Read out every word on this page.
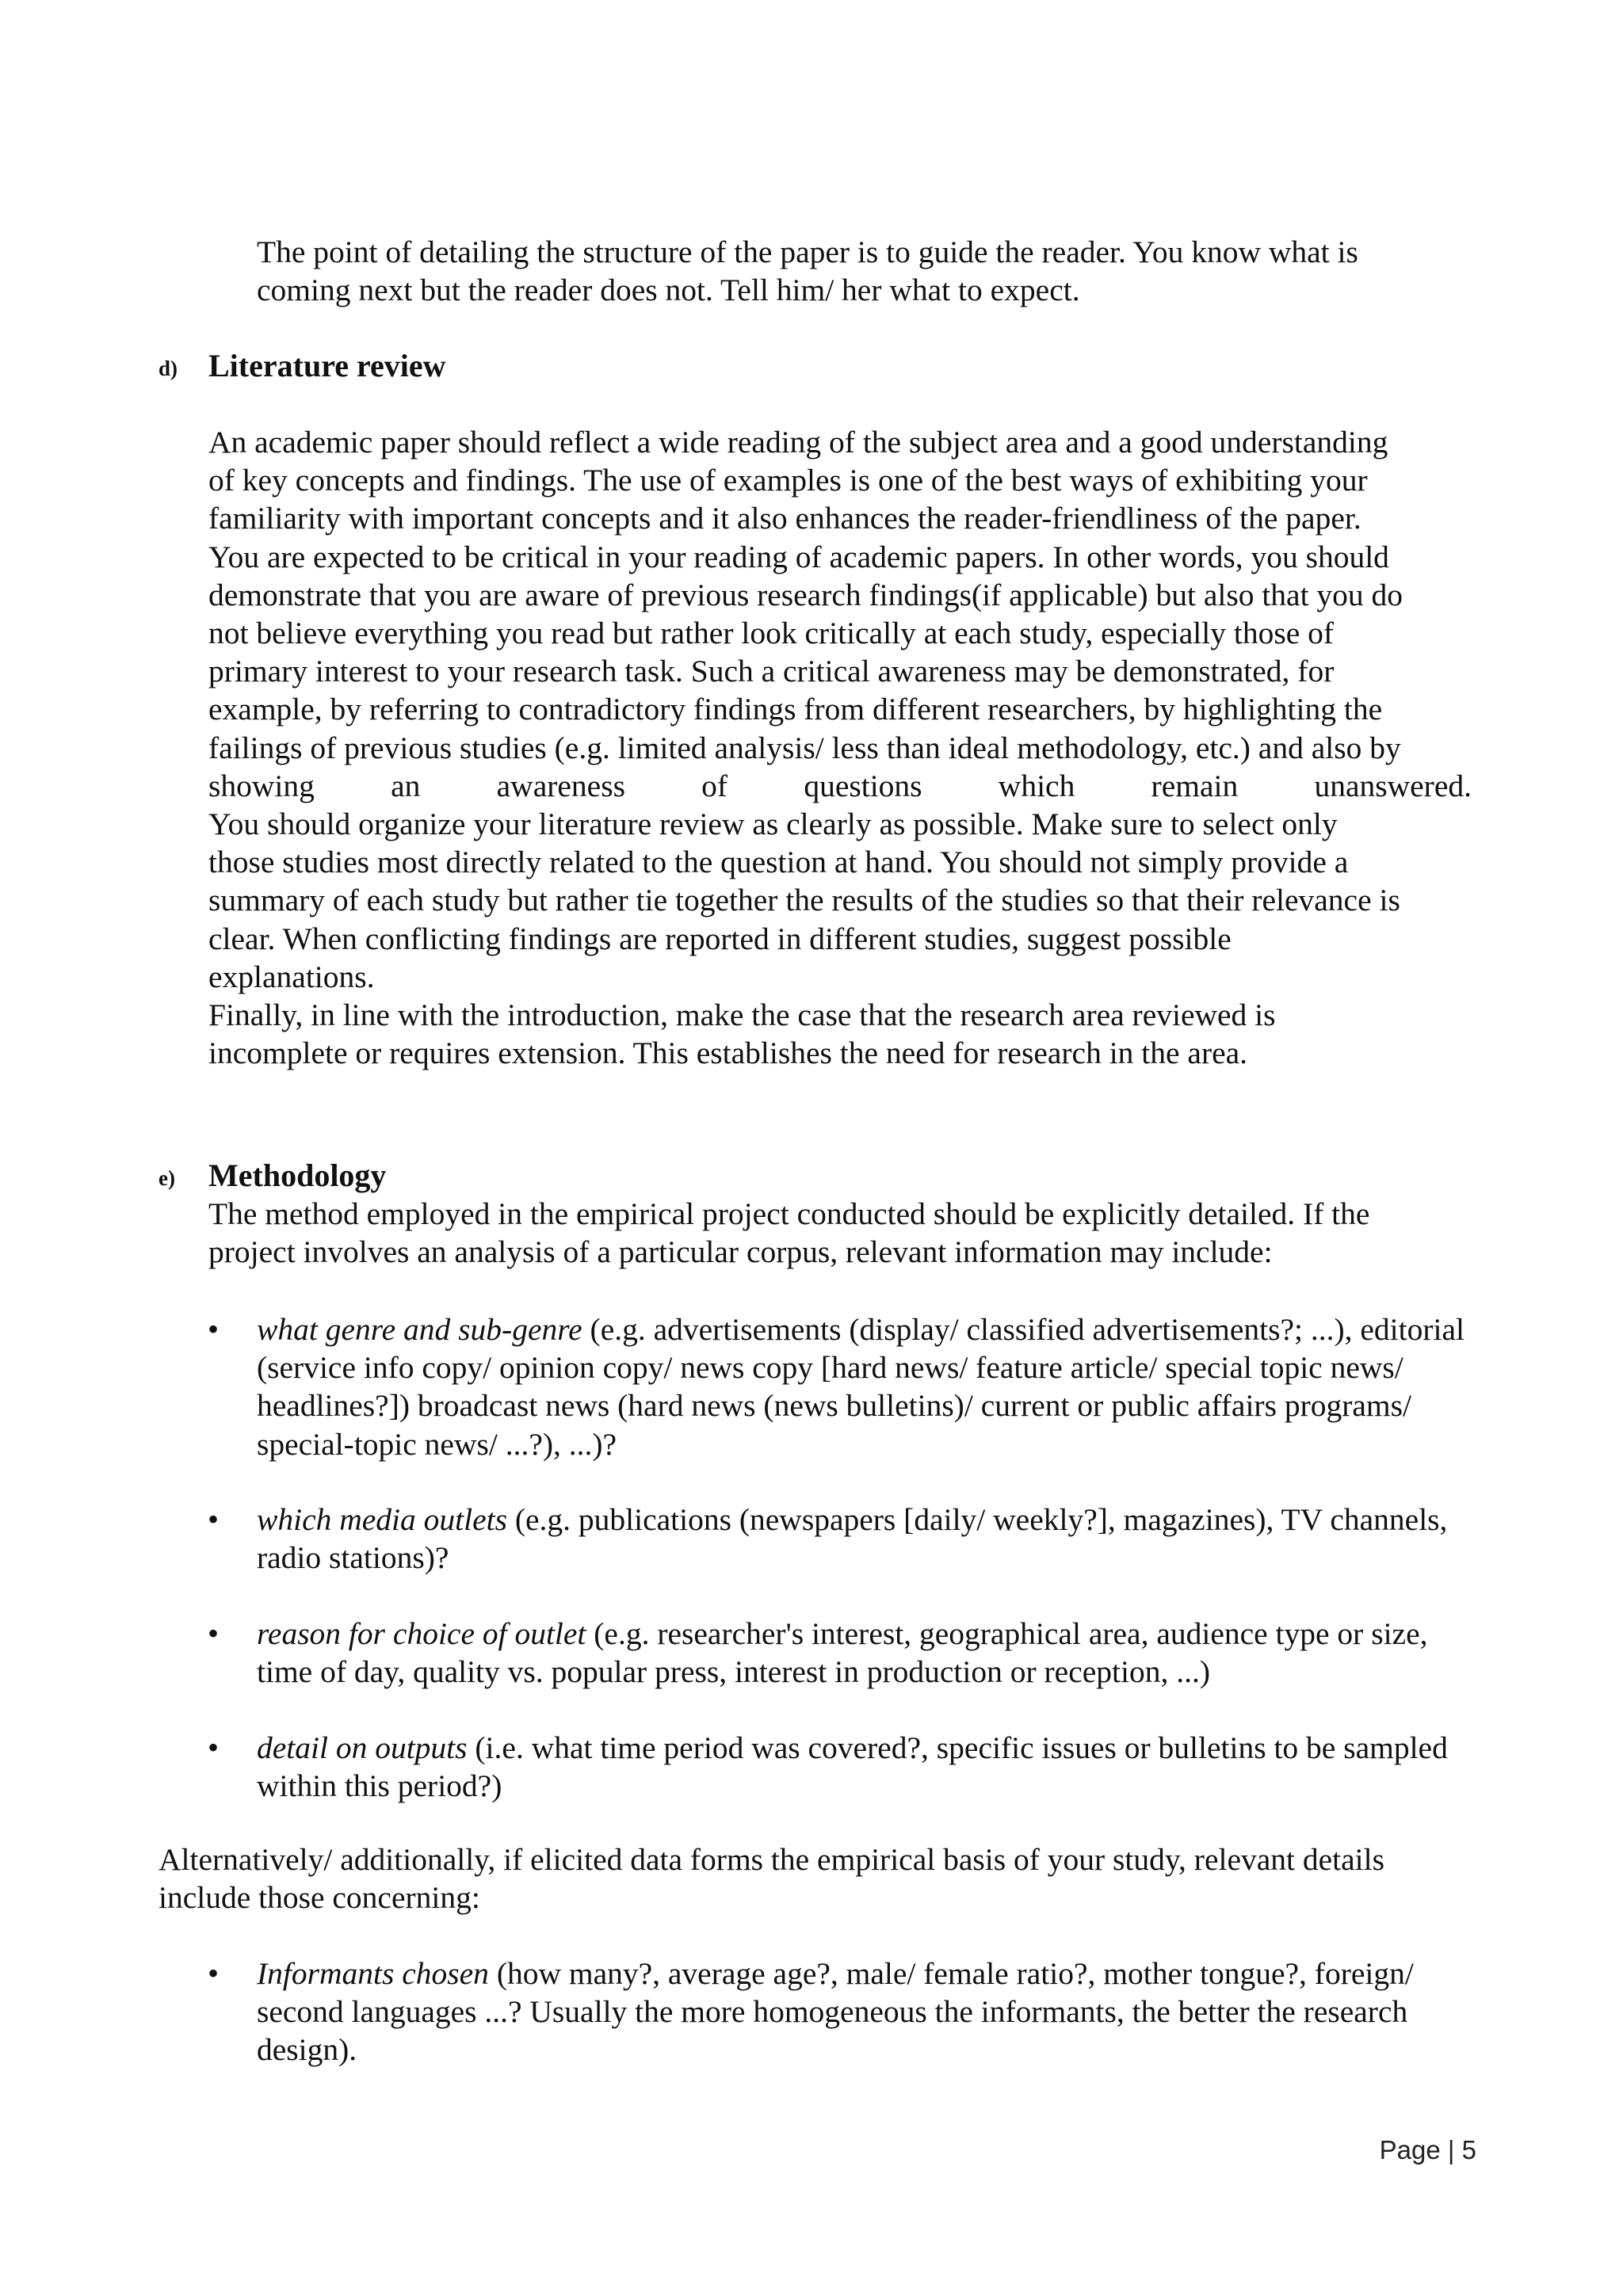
The point of detailing the structure of the paper is to guide the reader. You know what is
coming next but the reader does not. Tell him/ her what to expect.

d) Literature review

An academic paper should reflect a wide reading of the subject area and a good understanding
of key concepts and findings. The use of examples is one of the best ways of exhibiting your
familiarity with important concepts and it also enhances the reader-friendliness of the paper.
You are expected to be critical in your reading of academic papers. In other words, you should
demonstrate that you are aware of previous research findings(if applicable) but also that you do
not believe everything you read but rather look critically at each study, especially those of
primary interest to your research task. Such a critical awareness may be demonstrated, for
example, by referring to contradictory findings from different researchers, by highlighting the
failings of previous studies (e.g. limited analysis/ less than ideal methodology, etc.) and also by

showing an awareness of questions which remain unanswered.

You should organize your literature review as clearly as possible. Make sure to select only
those studies most directly related to the question at hand. You should not simply provide a
summary of each study but rather tie together the results of the studies so that their relevance is
clear. When conflicting findings are reported in different studies, suggest possible
explanations.
Finally, in line with the introduction, make the case that the research area reviewed is
incomplete or requires extension. This establishes the need for research in the area.

e) Methodology

The method employed in the empirical project conducted should be explicitly detailed. If the
project involves an analysis of a particular corpus, relevant information may include:

• what genre and sub-genre (e.g. advertisements (display/ classified advertisements?; ...), editorial (service info copy/ opinion copy/ news copy [hard news/ feature article/ special topic news/ headlines?]) broadcast news (hard news (news bulletins)/ current or public affairs programs/ special-topic news/ ...?), ...)?

• which media outlets (e.g. publications (newspapers [daily/ weekly?], magazines), TV channels, radio stations)?

• reason for choice of outlet (e.g. researcher's interest, geographical area, audience type or size, time of day, quality vs. popular press, interest in production or reception, ...)

• detail on outputs (i.e. what time period was covered?, specific issues or bulletins to be sampled within this period?)

Alternatively/ additionally, if elicited data forms the empirical basis of your study, relevant details
include those concerning:

• Informants chosen (how many?, average age?, male/ female ratio?, mother tongue?, foreign/ second languages ...? Usually the more homogeneous the informants, the better the research design).

Page | 5
